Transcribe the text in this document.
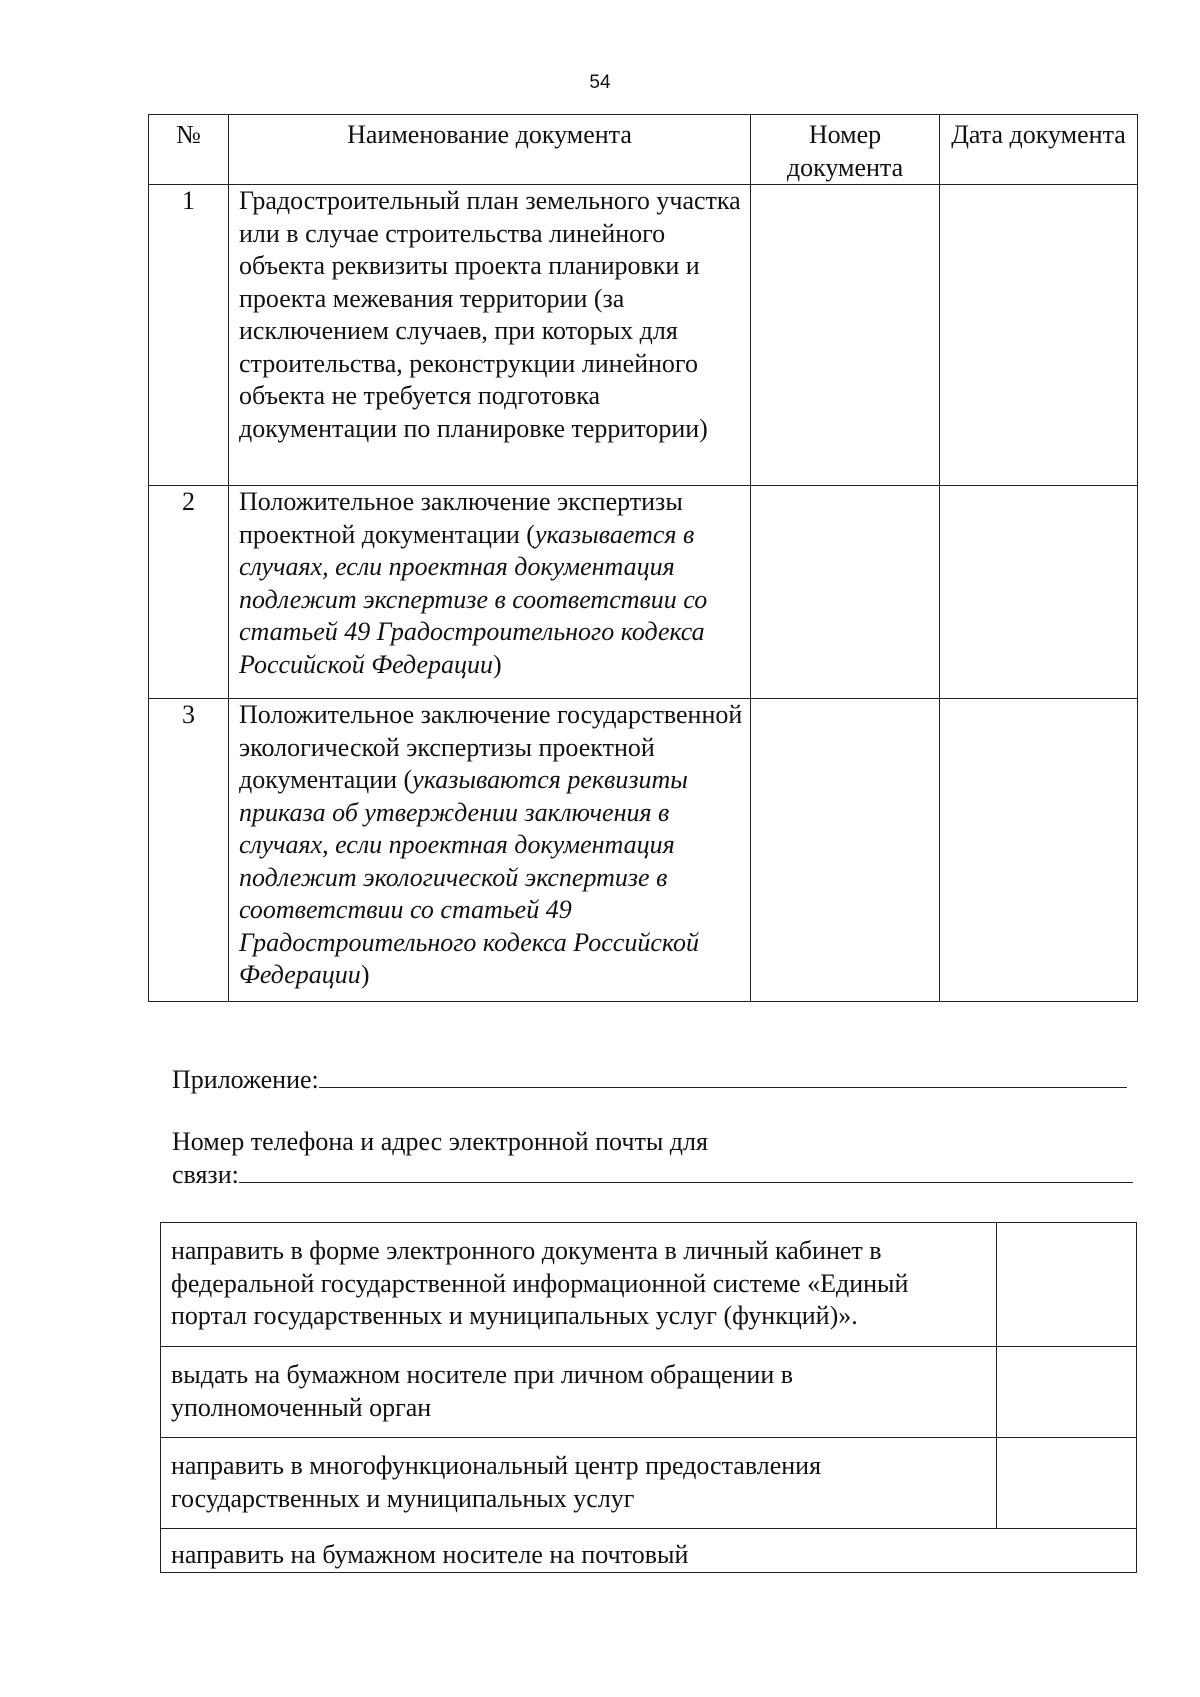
54
№	Наименование документа	Номер документа	Дата документа
1	Градостроительный план земельного участка или в случае строительства линейного объекта реквизиты проекта планировки и проекта межевания территории (за исключением случаев, при которых для строительства, реконструкции линейного объекта не требуется подготовка документации по планировке территории)		
2	Положительное заключение экспертизы проектной документации (указывается в случаях, если проектная документация подлежит экспертизе в соответствии со статьей 49 Градостроительного кодекса Российской Федерации)		
3	Положительное заключение государственной экологической экспертизы проектной документации (указываются реквизиты приказа об утверждении заключения в случаях, если проектная документация подлежит экологической экспертизе в соответствии со статьей 49 Градостроительного кодекса Российской Федерации)		
Приложение:
Номер телефона и адрес электронной почты для
связи:
направить в форме электронного документа в личный кабинет в федеральной государственной информационной системе «Единый портал государственных и муниципальных услуг (функций)».	
выдать на бумажном носителе при личном обращении в уполномоченный орган	
направить в многофункциональный центр предоставления государственных и муниципальных услуг	
направить на бумажном носителе на почтовый	
